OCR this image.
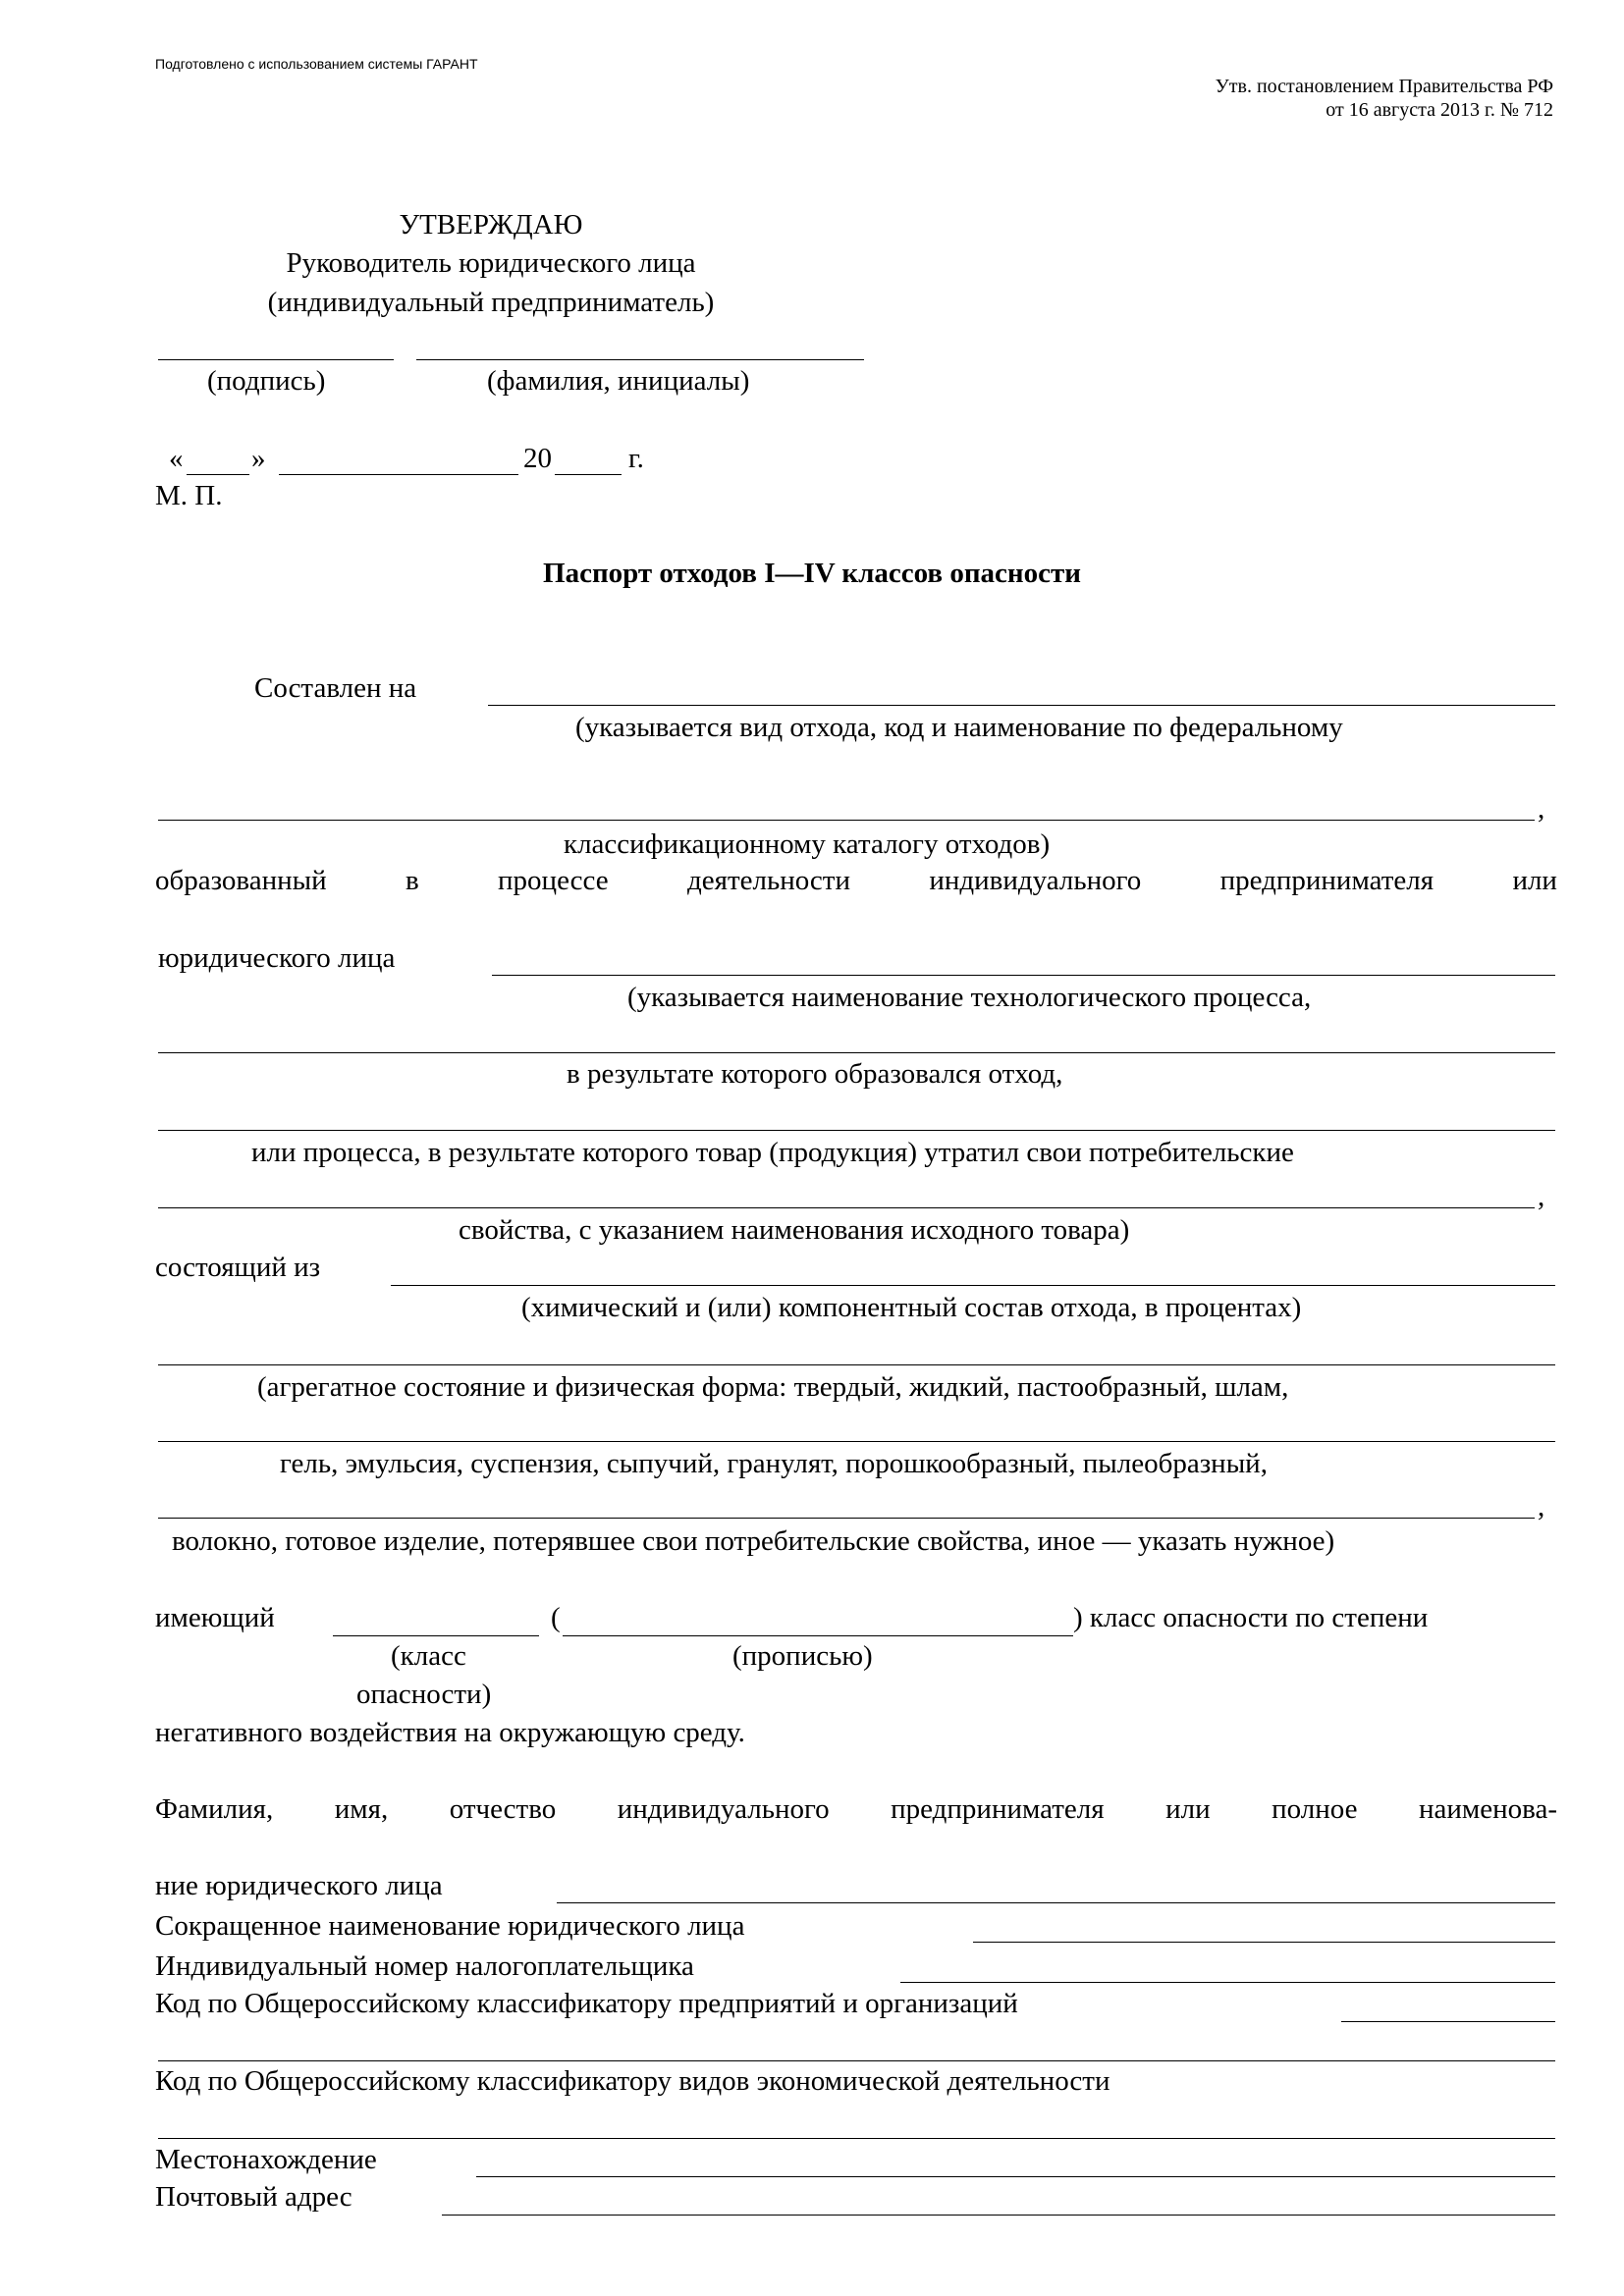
Подготовлено с использованием системы ГАРАНТ
Утв. постановлением Правительства РФ
от 16 августа 2013 г. № 712
УТВЕРЖДАЮ
Руководитель юридического лица
(индивидуальный предприниматель)
(подпись)	(фамилия, инициалы)
« »	20	г.
М. П.
Паспорт отходов I—IV классов опасности
Составлен на
(указывается вид отхода, код и наименование по федеральному
,
классификационному каталогу отходов)
образованный	в	процессе	деятельности	индивидуального	предпринимателя	или
юридического лица
(указывается наименование технологического процесса,
в результате которого образовался отход,
или процесса, в результате которого товар (продукция) утратил свои потребительские
,
свойства, с указанием наименования исходного товара)
состоящий из
(химический и (или) компонентный состав отхода, в процентах)
(агрегатное состояние и физическая форма: твердый, жидкий, пастообразный, шлам,
гель, эмульсия, суспензия, сыпучий, гранулят, порошкообразный, пылеобразный,
,
волокно, готовое изделие, потерявшее свои потребительские свойства, иное — указать нужное)
имеющий	(	) класс опасности по степени
(класс
опасности)
(прописью)
негативного воздействия на окружающую среду.
Фамилия, имя, отчество индивидуального предпринимателя или полное наименова-
ние юридического лица
Сокращенное наименование юридического лица
Индивидуальный номер налогоплательщика
Код по Общероссийскому классификатору предприятий и организаций
Код по Общероссийскому классификатору видов экономической деятельности
Местонахождение
Почтовый адрес
